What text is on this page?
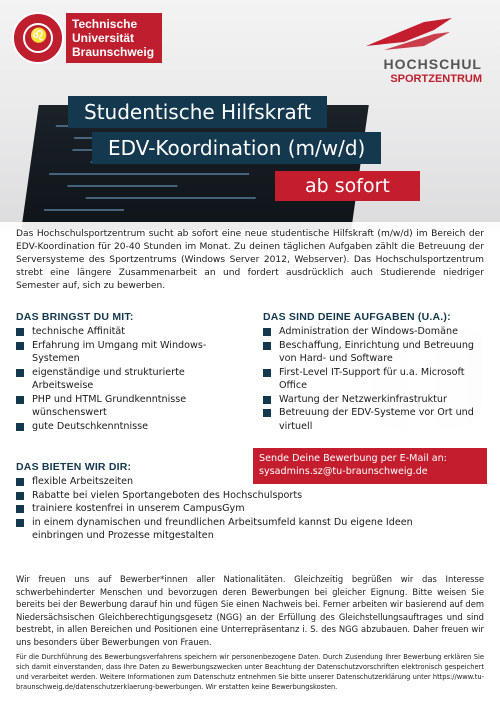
♌
Technische
Universität
Braunschweig
HOCHSCHUL
SPORTZENTRUM
Studentische Hilfskraft
EDV-Koordination (m/w/d)
ab sofort
Das Hochschulsportzentrum sucht ab sofort eine neue studentische Hilfskraft (m/w/d) im Bereich der EDV-Koordination für 20-40 Stunden im Monat. Zu deinen täglichen Aufgaben zählt die Betreuung der Serversysteme des Sportzentrums (Windows Server 2012, Webserver). Das Hochschulsportzentrum strebt eine längere Zusammenarbeit an und fordert ausdrücklich auch Studierende niedriger Semester auf, sich zu bewerben.
DAS BRINGST DU MIT:
technische Affinität
Erfahrung im Umgang mit Windows-Systemen
eigenständige und strukturierte Arbeitsweise
PHP und HTML Grundkenntnisse wünschenswert
gute Deutschkenntnisse
DAS SIND DEINE AUFGABEN (U.A.):
Administration der Windows-Domäne
Beschaffung, Einrichtung und Betreuung von Hard- und Software
First-Level IT-Support für u.a. Microsoft Office
Wartung der Netzwerkinfrastruktur
Betreuung der EDV-Systeme vor Ort und virtuell
Sende Deine Bewerbung per E-Mail an:
sysadmins.sz@tu-braunschweig.de
DAS BIETEN WIR DIR:
flexible Arbeitszeiten
Rabatte bei vielen Sportangeboten des Hochschulsports
trainiere kostenfrei in unserem CampusGym
in einem dynamischen und freundlichen Arbeitsumfeld kannst Du eigene Ideen einbringen und Prozesse mitgestalten
Wir freuen uns auf Bewerber*innen aller Nationalitäten. Gleichzeitig begrüßen wir das Interesse schwerbehinderter Menschen und bevorzugen deren Bewerbungen bei gleicher Eignung. Bitte weisen Sie bereits bei der Bewerbung darauf hin und fügen Sie einen Nachweis bei. Ferner arbeiten wir basierend auf dem Niedersächsischen Gleichberechtigungsgesetz (NGG) an der Erfüllung des Gleichstellungsauftrages und sind bestrebt, in allen Bereichen und Positionen eine Unterrepräsentanz i. S. des NGG abzubauen. Daher freuen wir uns besonders über Bewerbungen von Frauen.
Für die Durchführung des Bewerbungsverfahrens speichern wir personenbezogene Daten. Durch Zusendung Ihrer Bewerbung erklären Sie sich damit einverstanden, dass Ihre Daten zu Bewerbungszwecken unter Beachtung der Datenschutzvorschriften elektronisch gespeichert und verarbeitet werden. Weitere Informationen zum Datenschutz entnehmen Sie bitte unserer Datenschutzerklärung unter https://www.tu-braunschweig.de/datenschutzerklaerung-bewerbungen. Wir erstatten keine Bewerbungskosten.
